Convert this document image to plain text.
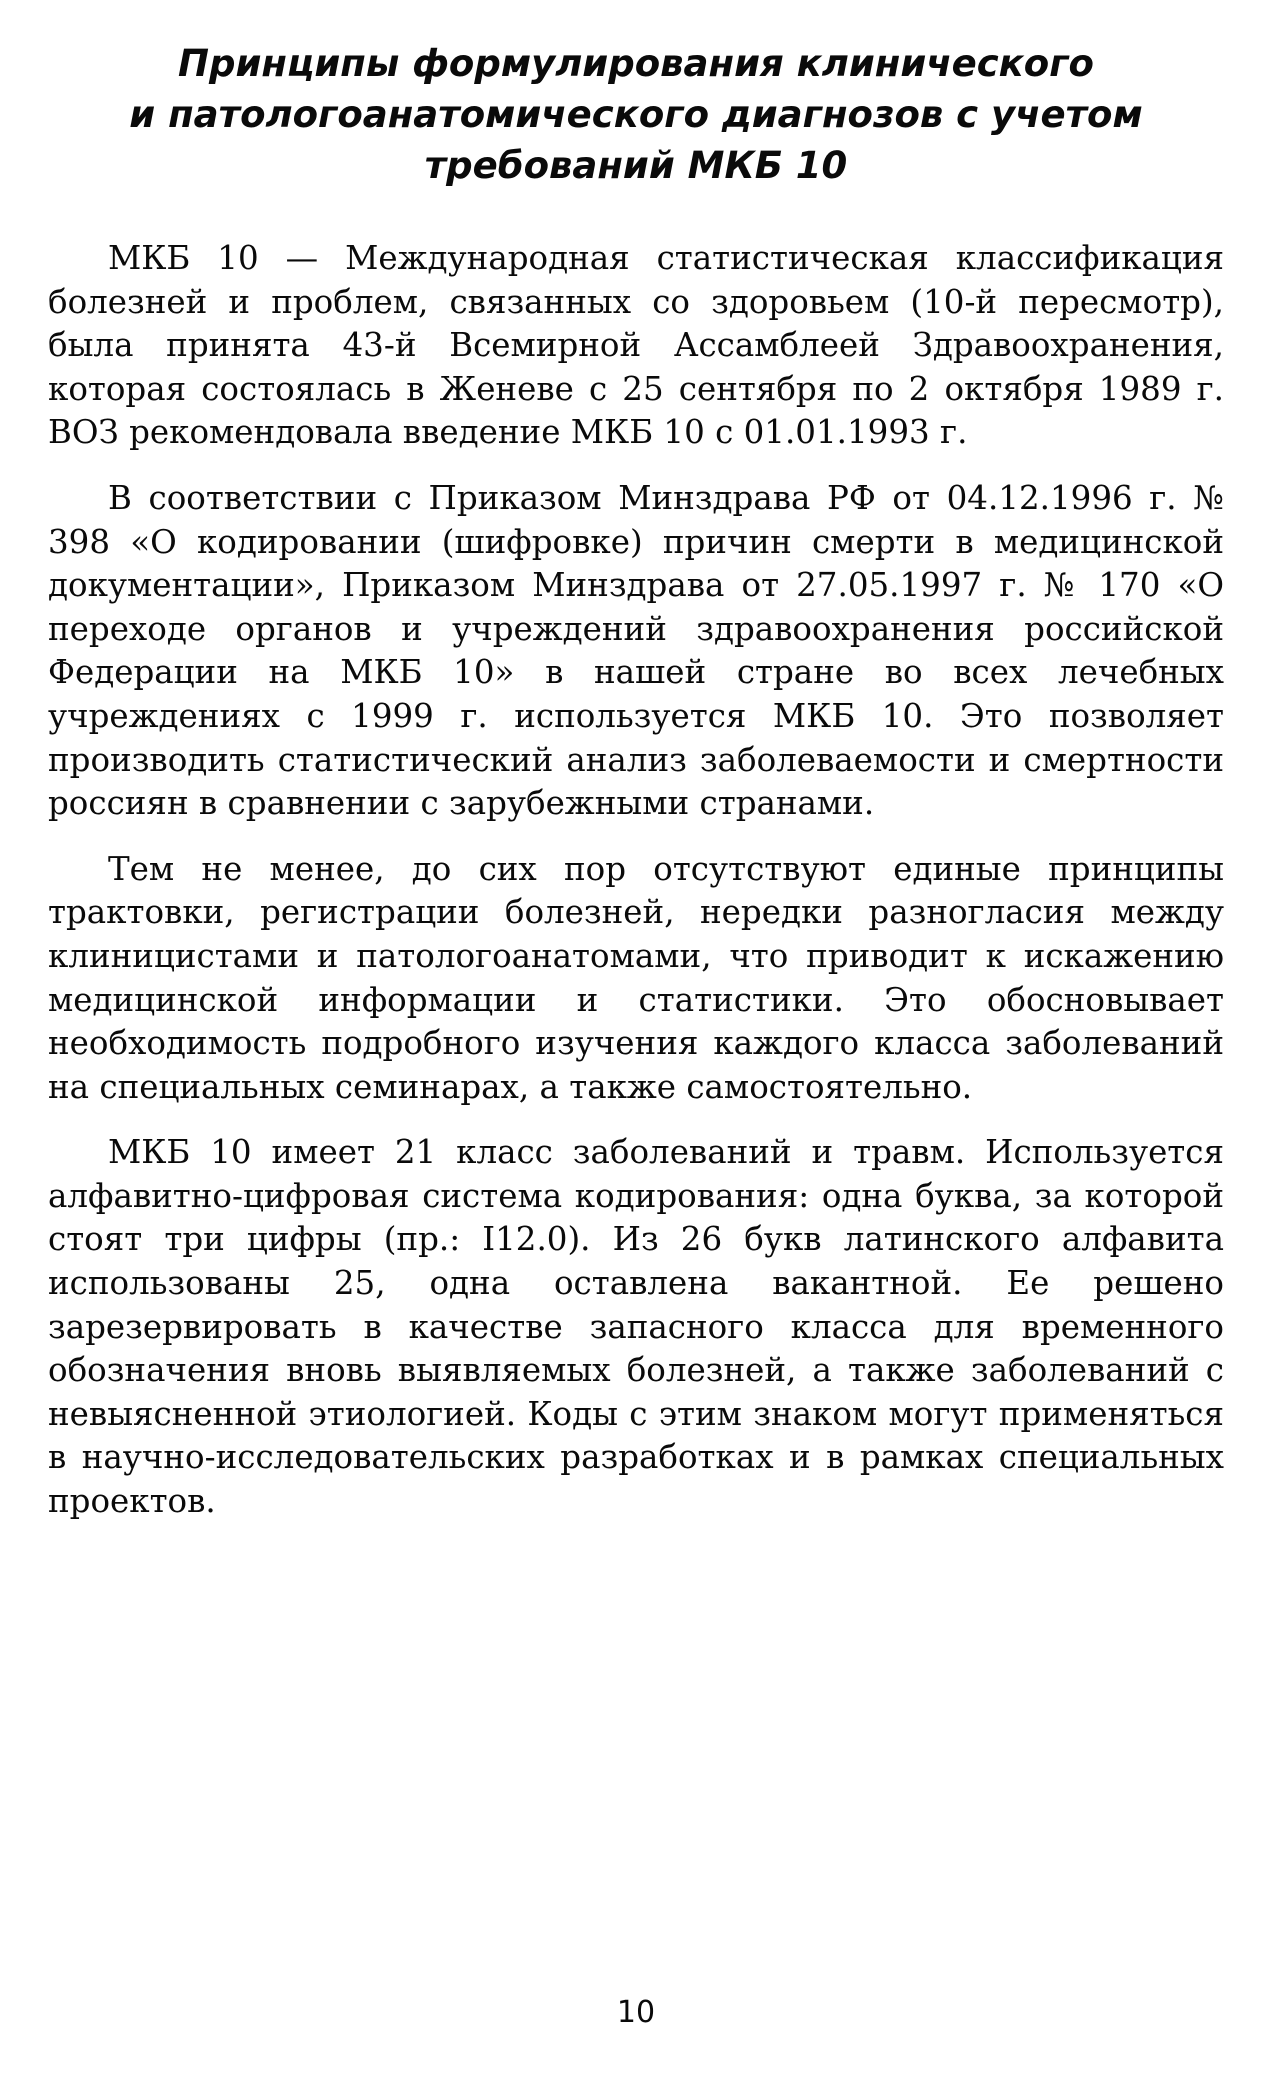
Принципы формулирования клинического
и патологоанатомического диагнозов с учетом
требований МКБ 10

МКБ 10 — Международная статистическая классификация болезней и проблем, связанных со здоровьем (10-й пересмотр), была принята 43-й Всемирной Ассамблеей Здравоохранения, которая состоялась в Женеве с 25 сентября по 2 октября 1989 г. ВОЗ рекомендовала введение МКБ 10 с 01.01.1993 г.

В соответствии с Приказом Минздрава РФ от 04.12.1996 г. № 398 «О кодировании (шифровке) причин смерти в медицинской документации», Приказом Минздрава от 27.05.1997 г. № 170 «О переходе органов и учреждений здравоохранения российской Федерации на МКБ 10» в нашей стране во всех лечебных учреждениях с 1999 г. используется МКБ 10. Это позволяет производить статистический анализ заболеваемости и смертности россиян в сравнении с зарубежными странами.

Тем не менее, до сих пор отсутствуют единые принципы трактовки, регистрации болезней, нередки разногласия между клиницистами и патологоанатомами, что приводит к искажению медицинской информации и статистики. Это обосновывает необходимость подробного изучения каждого класса заболеваний на специальных семинарах, а также самостоятельно.

МКБ 10 имеет 21 класс заболеваний и травм. Используется алфавитно-цифровая система кодирования: одна буква, за которой стоят три цифры (пр.: I12.0). Из 26 букв латинского алфавита использованы 25, одна оставлена вакантной. Ее решено зарезервировать в качестве запасного класса для временного обозначения вновь выявляемых болезней, а также заболеваний с невыясненной этиологией. Коды с этим знаком могут применяться в научно-исследовательских разработках и в рамках специальных проектов.

10
